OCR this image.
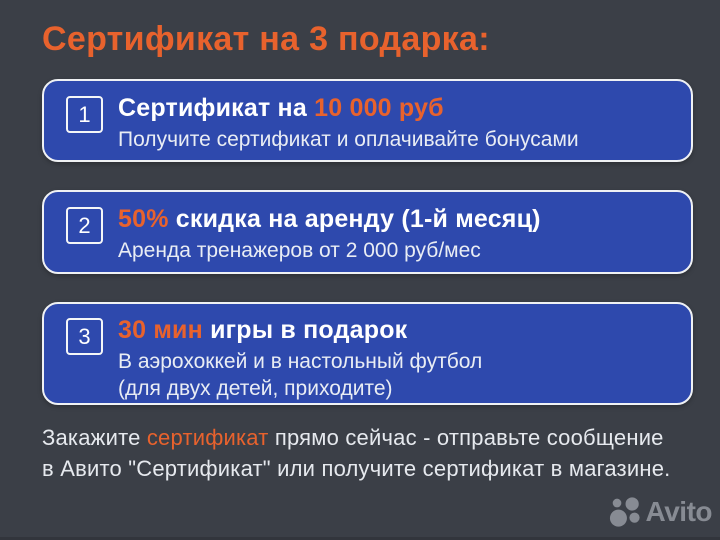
Сертификат на 3 подарка:
1	Сертификат на 10 000 руб
Получите сертификат и оплачивайте бонусами
2	50% скидка на аренду (1-й месяц)
Аренда тренажеров от 2 000 руб/мес
3	30 мин игры в подарок
В аэрохоккей и в настольный футбол
(для двух детей, приходите)
Закажите сертификат прямо сейчас - отправьте сообщение
в Авито "Сертификат" или получите сертификат в магазине.
Avito
